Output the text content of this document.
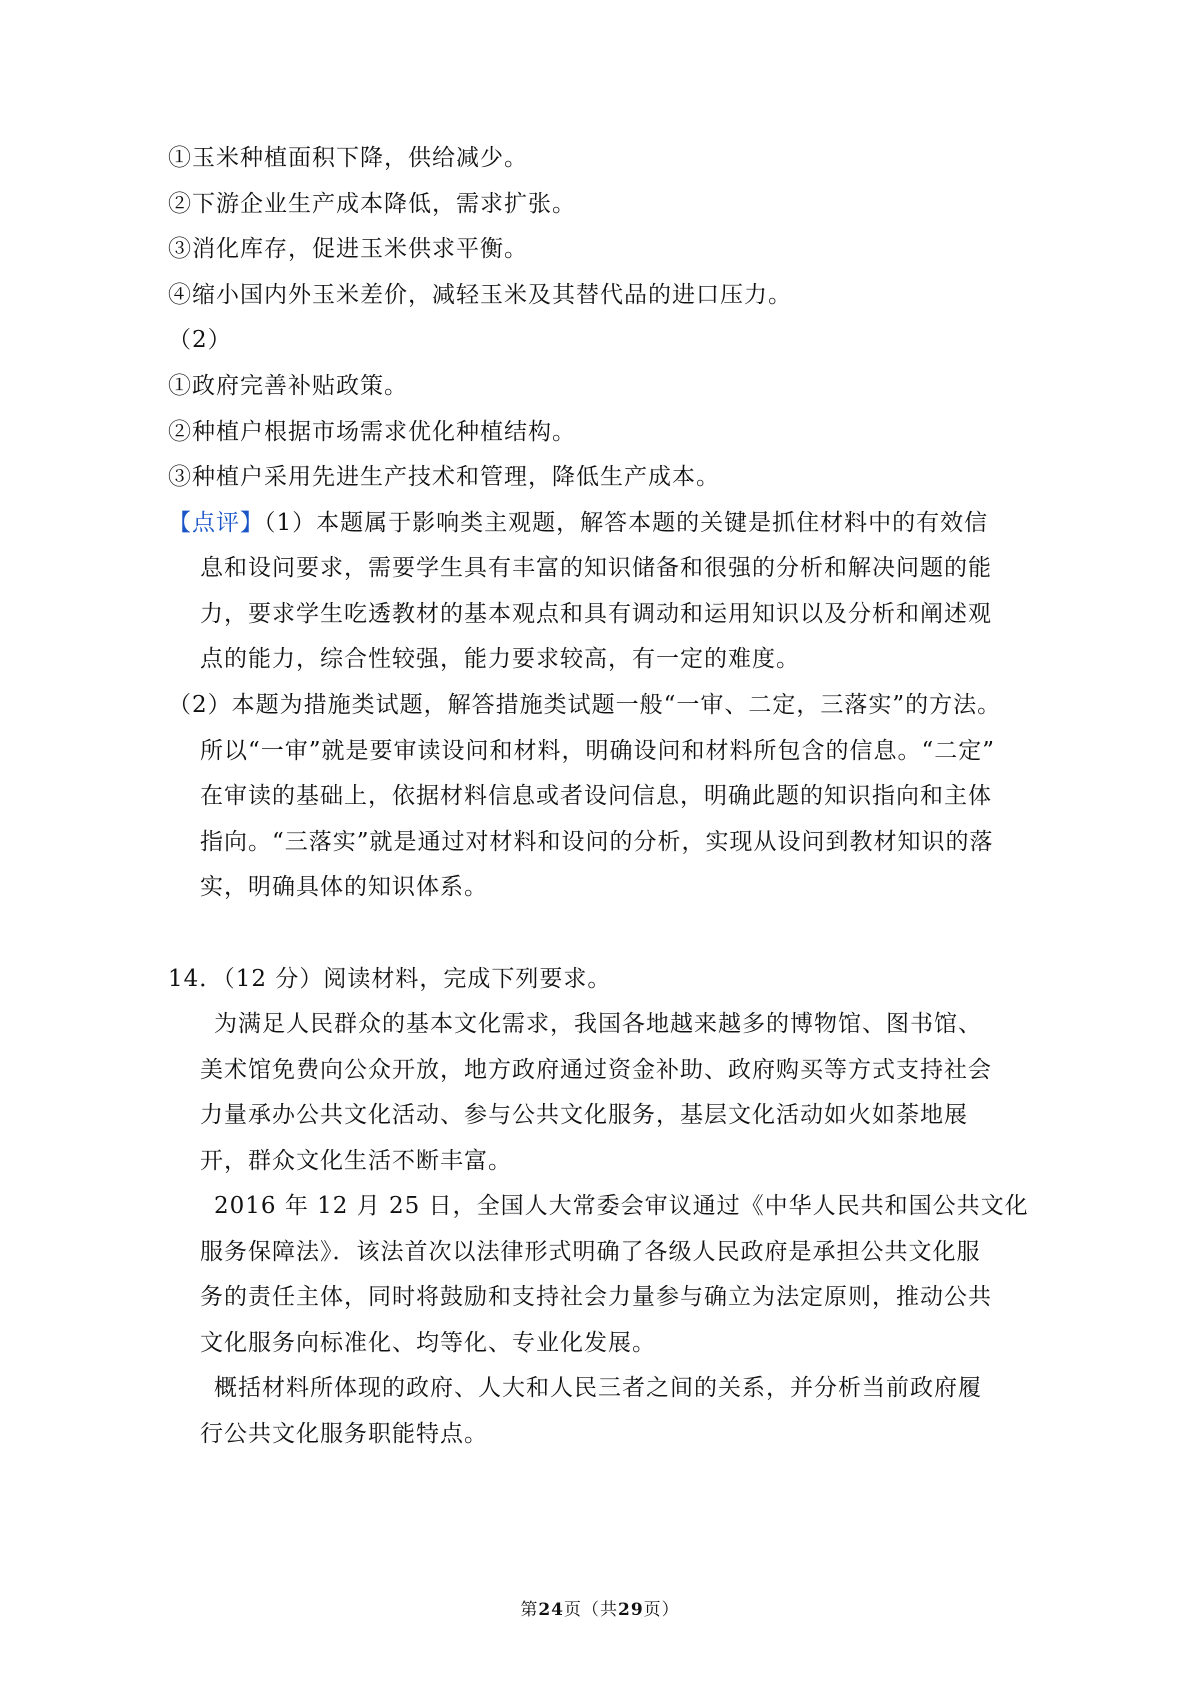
①玉米种植面积下降，供给减少。
②下游企业生产成本降低，需求扩张。
③消化库存，促进玉米供求平衡。
④缩小国内外玉米差价，减轻玉米及其替代品的进口压力。
（2）
①政府完善补贴政策。
②种植户根据市场需求优化种植结构。
③种植户采用先进生产技术和管理，降低生产成本。
【点评】（1）本题属于影响类主观题，解答本题的关键是抓住材料中的有效信
息和设问要求，需要学生具有丰富的知识储备和很强的分析和解决问题的能
力，要求学生吃透教材的基本观点和具有调动和运用知识以及分析和阐述观
点的能力，综合性较强，能力要求较高，有一定的难度。
（2）本题为措施类试题，解答措施类试题一般“一审、二定，三落实”的方法。
所以“一审”就是要审读设问和材料，明确设问和材料所包含的信息。“二定”
在审读的基础上，依据材料信息或者设问信息，明确此题的知识指向和主体
指向。“三落实”就是通过对材料和设问的分析，实现从设问到教材知识的落
实，明确具体的知识体系。
14．（12 分）阅读材料，完成下列要求。
为满足人民群众的基本文化需求，我国各地越来越多的博物馆、图书馆、
美术馆免费向公众开放，地方政府通过资金补助、政府购买等方式支持社会
力量承办公共文化活动、参与公共文化服务，基层文化活动如火如荼地展
开，群众文化生活不断丰富。
2016 年 12 月 25 日，全国人大常委会审议通过《中华人民共和国公共文化
服务保障法》．该法首次以法律形式明确了各级人民政府是承担公共文化服
务的责任主体，同时将鼓励和支持社会力量参与确立为法定原则，推动公共
文化服务向标准化、均等化、专业化发展。
概括材料所体现的政府、人大和人民三者之间的关系，并分析当前政府履
行公共文化服务职能特点。
第24页（共29页）
